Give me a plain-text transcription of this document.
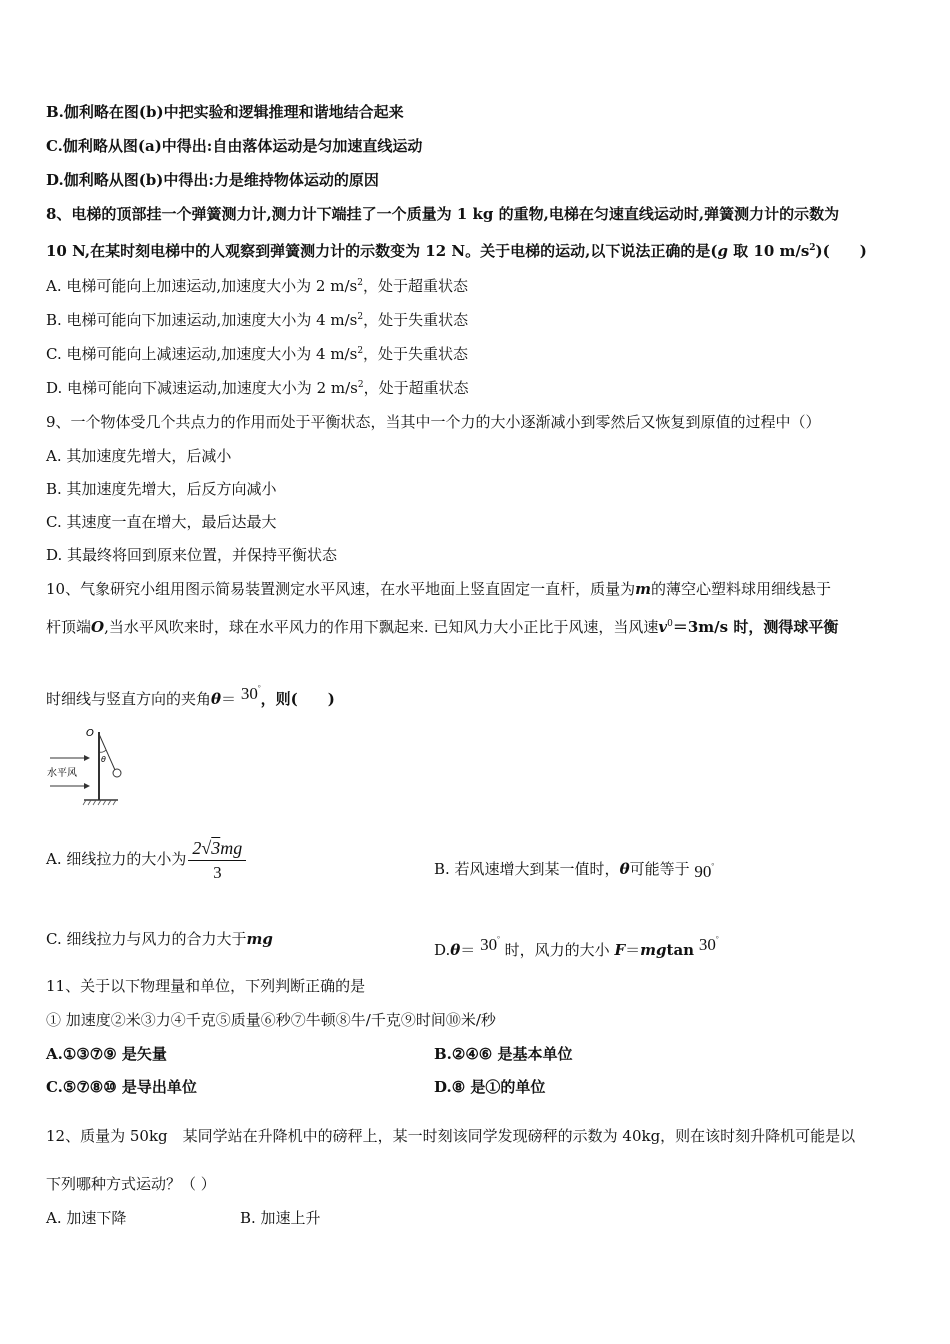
B.伽利略在图(b)中把实验和逻辑推理和谐地结合起来
C.伽利略从图(a)中得出:自由落体运动是匀加速直线运动
D.伽利略从图(b)中得出:力是维持物体运动的原因
8、电梯的顶部挂一个弹簧测力计,测力计下端挂了一个质量为 1 kg 的重物,电梯在匀速直线运动时,弹簧测力计的示数为
10 N,在某时刻电梯中的人观察到弹簧测力计的示数变为 12 N。关于电梯的运动,以下说法正确的是(g 取 10 $m/s^2$)(　　)
A. 电梯可能向上加速运动,加速度大小为 2 $m/s^2$，处于超重状态
B. 电梯可能向下加速运动,加速度大小为 4 $m/s^2$，处于失重状态
C. 电梯可能向上减速运动,加速度大小为 4 $m/s^2$，处于失重状态
D. 电梯可能向下减速运动,加速度大小为 2 $m/s^2$，处于超重状态
9、一个物体受几个共点力的作用而处于平衡状态，当其中一个力的大小逐渐减小到零然后又恢复到原值的过程中（）
A. 其加速度先增大，后减小
B. 其加速度先增大，后反方向减小
C. 其速度一直在增大，最后达最大
D. 其最终将回到原来位置，并保持平衡状态
10、气象研究小组用图示简易装置测定水平风速，在水平地面上竖直固定一直杆，质量为m的薄空心塑料球用细线悬于
杆顶端O,当水平风吹来时，球在水平风力的作用下飘起来. 已知风力大小正比于风速，当风速$v^0=3m/s$ 时，测得球平衡
时细线与竖直方向的夹角θ＝ 30°，则(　　)
O
θ
水平风
A. 细线拉力的大小为 $\frac{2√3mg}{3}$	B. 若风速增大到某一值时，θ可能等于 90°
C. 细线拉力与风力的合力大于mg
D.θ＝ 30° 时，风力的大小 F＝mgtan 30°
11、关于以下物理量和单位，下列判断正确的是
① 加速度②米③力④千克⑤质量⑥秒⑦牛顿⑧牛/千克⑨时间⑩米/秒
A.①③⑦⑨ 是矢量	B.②④⑥ 是基本单位
C.⑤⑦⑧⑩ 是导出单位	D.⑧ 是①的单位
12、质量为 50kg　某同学站在升降机中的磅秤上，某一时刻该同学发现磅秤的示数为 40kg，则在该时刻升降机可能是以
下列哪种方式运动？（ ）
A. 加速下降	B. 加速上升
